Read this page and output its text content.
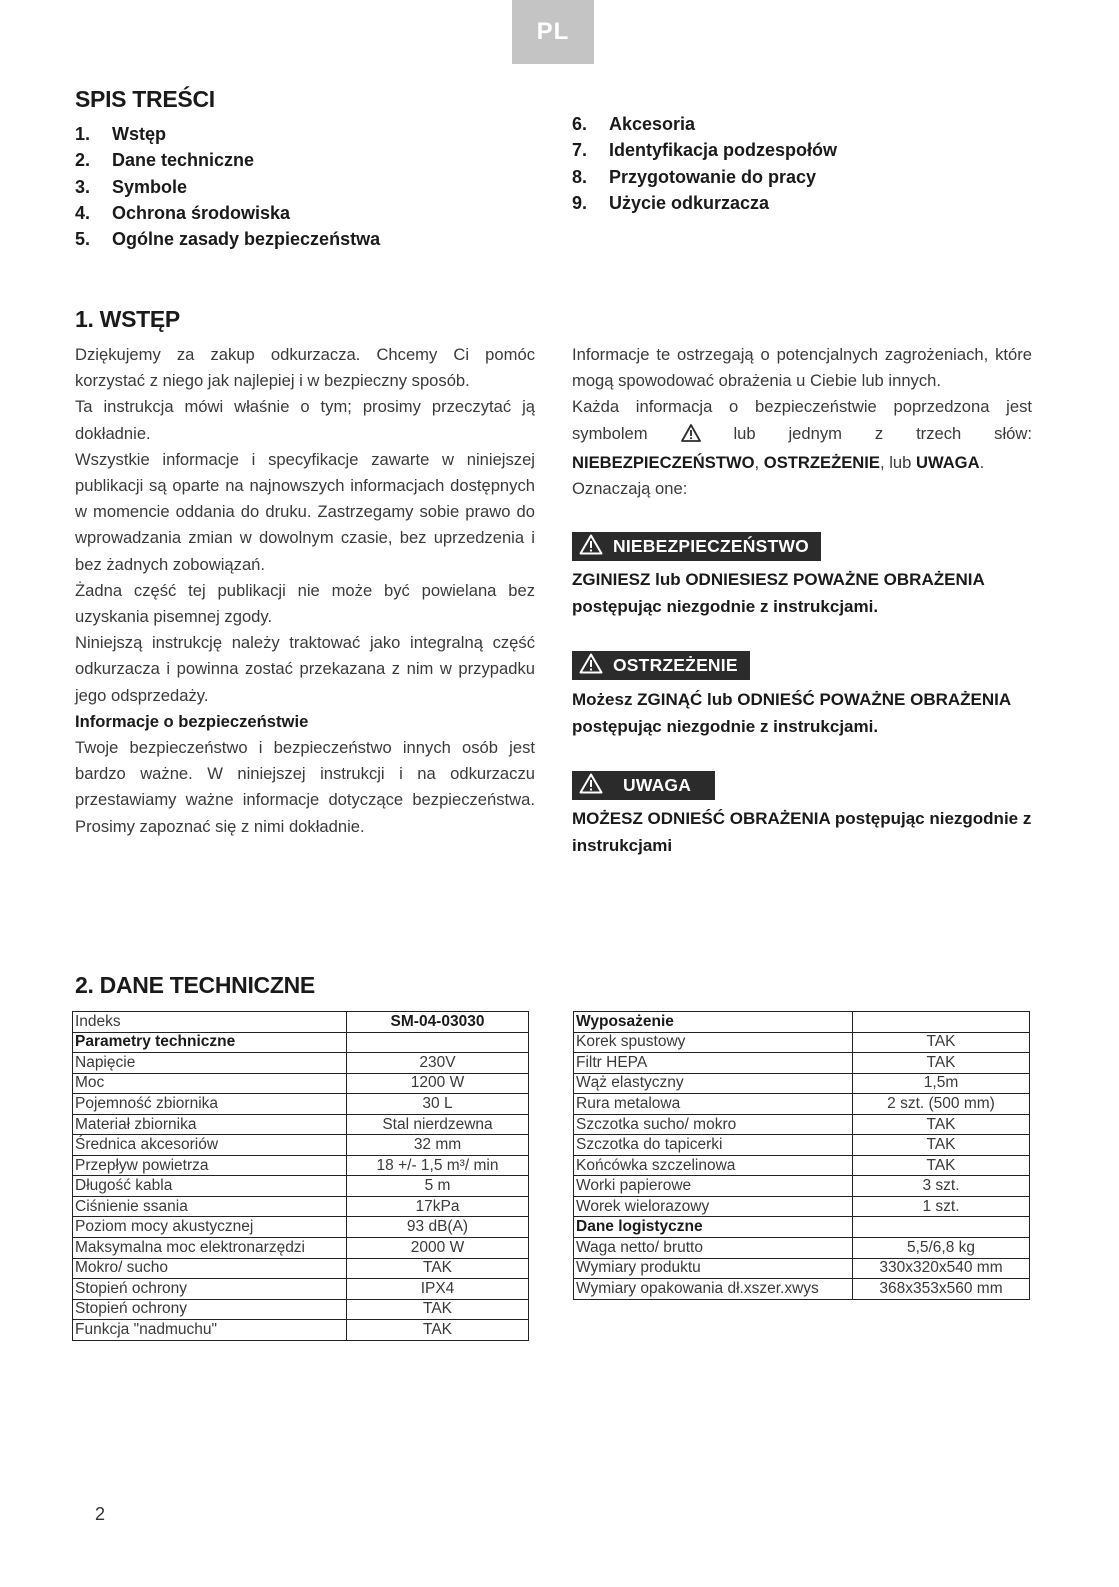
PL
SPIS TREŚCI
1.	Wstęp
2.	Dane techniczne
3.	Symbole
4.	Ochrona środowiska
5.	Ogólne zasady bezpieczeństwa
6.	Akcesoria
7.	Identyfikacja podzespołów
8.	Przygotowanie do pracy
9.	Użycie odkurzacza
1. WSTĘP

Dziękujemy za zakup odkurzacza. Chcemy Ci pomóc korzystać z niego jak najlepiej i w bezpieczny sposób.

Ta instrukcja mówi właśnie o tym; prosimy przeczytać ją dokładnie.

Wszystkie informacje i specyfikacje zawarte w niniejszej publikacji są oparte na najnowszych informacjach dostępnych w momencie oddania do druku. Zastrzegamy sobie prawo do wprowadzania zmian w dowolnym czasie, bez uprzedzenia i bez żadnych zobowiązań.

Żadna część tej publikacji nie może być powielana bez uzyskania pisemnej zgody.

Niniejszą instrukcję należy traktować jako integralną część odkurzacza i powinna zostać przekazana z nim w przypadku jego odsprzedaży.

Informacje o bezpieczeństwie

Twoje bezpieczeństwo i bezpieczeństwo innych osób jest bardzo ważne. W niniejszej instrukcji i na odkurzaczu przestawiamy ważne informacje dotyczące bezpieczeństwa. Prosimy zapoznać się z nimi dokładnie.

Informacje te ostrzegają o potencjalnych zagrożeniach, które mogą spowodować obrażenia u Ciebie lub innych.

Każda informacja o bezpieczeństwie poprzedzona jest symbolem	lub jednym z trzech słów: NIEBEZPIECZEŃSTWO, OSTRZEŻENIE, lub UWAGA.

Oznaczają one:

NIEBEZPIECZEŃSTWO
ZGINIESZ lub ODNIESIESZ POWAŻNE OBRAŻENIA postępując niezgodnie z instrukcjami.
OSTRZEŻENIE
Możesz ZGINĄĆ lub ODNIEŚĆ POWAŻNE OBRAŻENIA postępując niezgodnie z instrukcjami.
UWAGA
MOŻESZ ODNIEŚĆ OBRAŻENIA postępując niezgodnie z instrukcjami
2. DANE TECHNICZNE
Indeks	SM-04-03030
Parametry techniczne	
Napięcie	230V
Moc	1200 W
Pojemność zbiornika	30 L
Materiał zbiornika	Stal nierdzewna
Średnica akcesoriów	32 mm
Przepływ powietrza	18 +/- 1,5 m³/ min
Długość kabla	5 m
Ciśnienie ssania	17kPa
Poziom mocy akustycznej	93 dB(A)
Maksymalna moc elektronarzędzi	2000 W
Mokro/ sucho	TAK
Stopień ochrony	IPX4
Stopień ochrony	TAK
Funkcja "nadmuchu"	TAK
Wyposażenie	
Korek spustowy	TAK
Filtr HEPA	TAK
Wąż elastyczny	1,5m
Rura metalowa	2 szt. (500 mm)
Szczotka sucho/ mokro	TAK
Szczotka do tapicerki	TAK
Końcówka szczelinowa	TAK
Worki papierowe	3 szt.
Worek wielorazowy	1 szt.
Dane logistyczne	
Waga netto/ brutto	5,5/6,8 kg
Wymiary produktu	330x320x540 mm
Wymiary opakowania dł.xszer.xwys	368x353x560 mm
2
